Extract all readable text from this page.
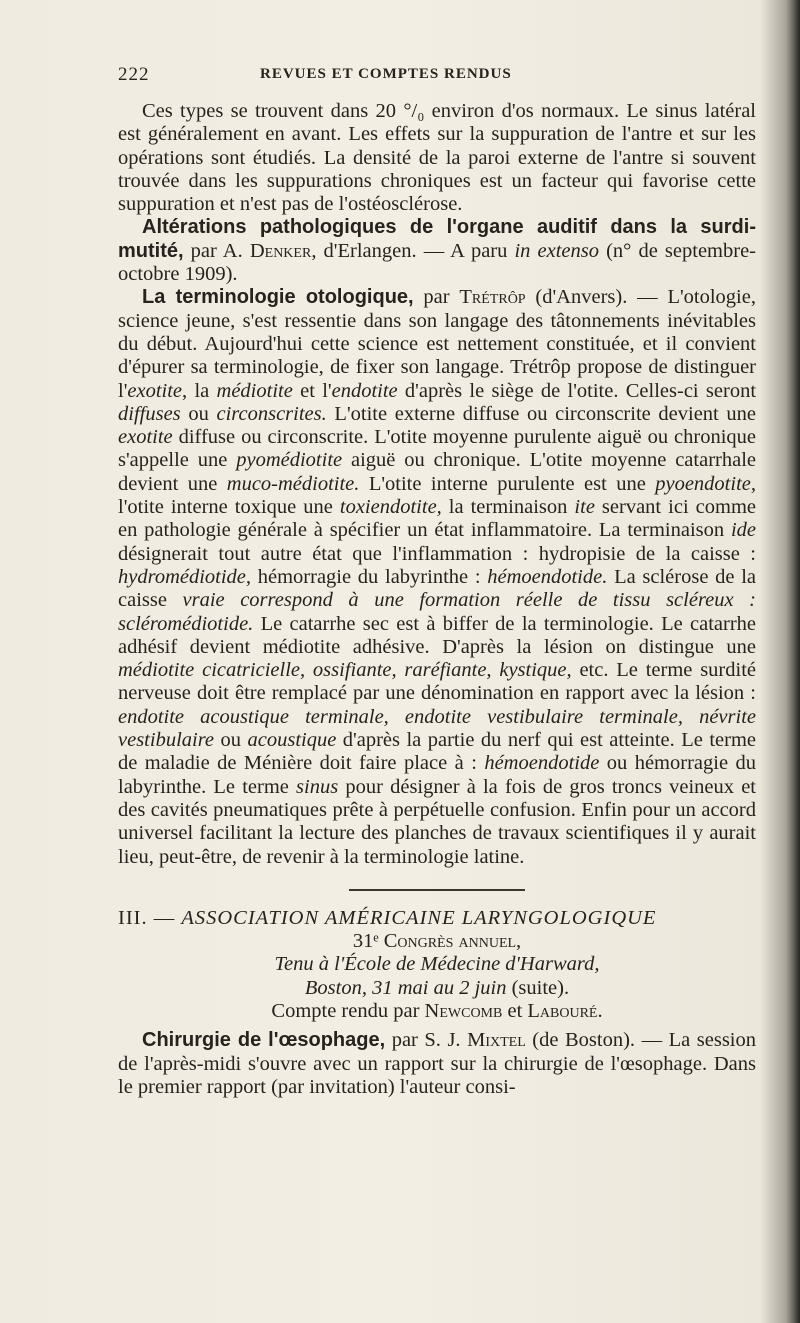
222	REVUES ET COMPTES RENDUS

Ces types se trouvent dans 20 °/₀ environ d'os normaux. Le sinus latéral est généralement en avant. Les effets sur la suppuration de l'antre et sur les opérations sont étudiés. La densité de la paroi externe de l'antre si souvent trouvée dans les suppurations chroniques est un facteur qui favorise cette suppuration et n'est pas de l'ostéosclérose.

Altérations pathologiques de l'organe auditif dans la surdi-mutité, par A. Denker, d'Erlangen. — A paru in extenso (n° de septembre-octobre 1909).

La terminologie otologique, par Trétrôp (d'Anvers). — L'otologie, science jeune, s'est ressentie dans son langage des tâtonnements inévitables du début. Aujourd'hui cette science est nettement constituée, et il convient d'épurer sa terminologie, de fixer son langage. Trétrôp propose de distinguer l'exotite, la médiotite et l'endotite d'après le siège de l'otite. Celles-ci seront diffuses ou circonscrites. L'otite externe diffuse ou circonscrite devient une exotite diffuse ou circonscrite. L'otite moyenne purulente aiguë ou chronique s'appelle une pyomédiotite aiguë ou chronique. L'otite moyenne catarrhale devient une muco-médiotite. L'otite interne purulente est une pyoendotite, l'otite interne toxique une toxiendotite, la terminaison ite servant ici comme en pathologie générale à spécifier un état inflammatoire. La terminaison ide désignerait tout autre état que l'inflammation : hydropisie de la caisse : hydromédiotide, hémorragie du labyrinthe : hémoendotide. La sclérose de la caisse vraie correspond à une formation réelle de tissu scléreux : scléromédiotide. Le catarrhe sec est à biffer de la terminologie. Le catarrhe adhésif devient médiotite adhésive. D'après la lésion on distingue une médiotite cicatricielle, ossifiante, raréfiante, kystique, etc. Le terme surdité nerveuse doit être remplacé par une dénomination en rapport avec la lésion : endotite acoustique terminale, endotite vestibulaire terminale, névrite vestibulaire ou acoustique d'après la partie du nerf qui est atteinte. Le terme de maladie de Ménière doit faire place à : hémoendotide ou hémorragie du labyrinthe. Le terme sinus pour désigner à la fois de gros troncs veineux et des cavités pneumatiques prête à perpétuelle confusion. Enfin pour un accord universel facilitant la lecture des planches de travaux scientifiques il y aurait lieu, peut-être, de revenir à la terminologie latine.

III. — ASSOCIATION AMÉRICAINE LARYNGOLOGIQUE

31ᵉ Congrès annuel,

Tenu à l'École de Médecine d'Harward,

Boston, 31 mai au 2 juin (suite).

Compte rendu par Newcomb et Labouré.

Chirurgie de l'œsophage, par S. J. Mixtel (de Boston). — La session de l'après-midi s'ouvre avec un rapport sur la chirurgie de l'œsophage. Dans le premier rapport (par invitation) l'auteur consi-
